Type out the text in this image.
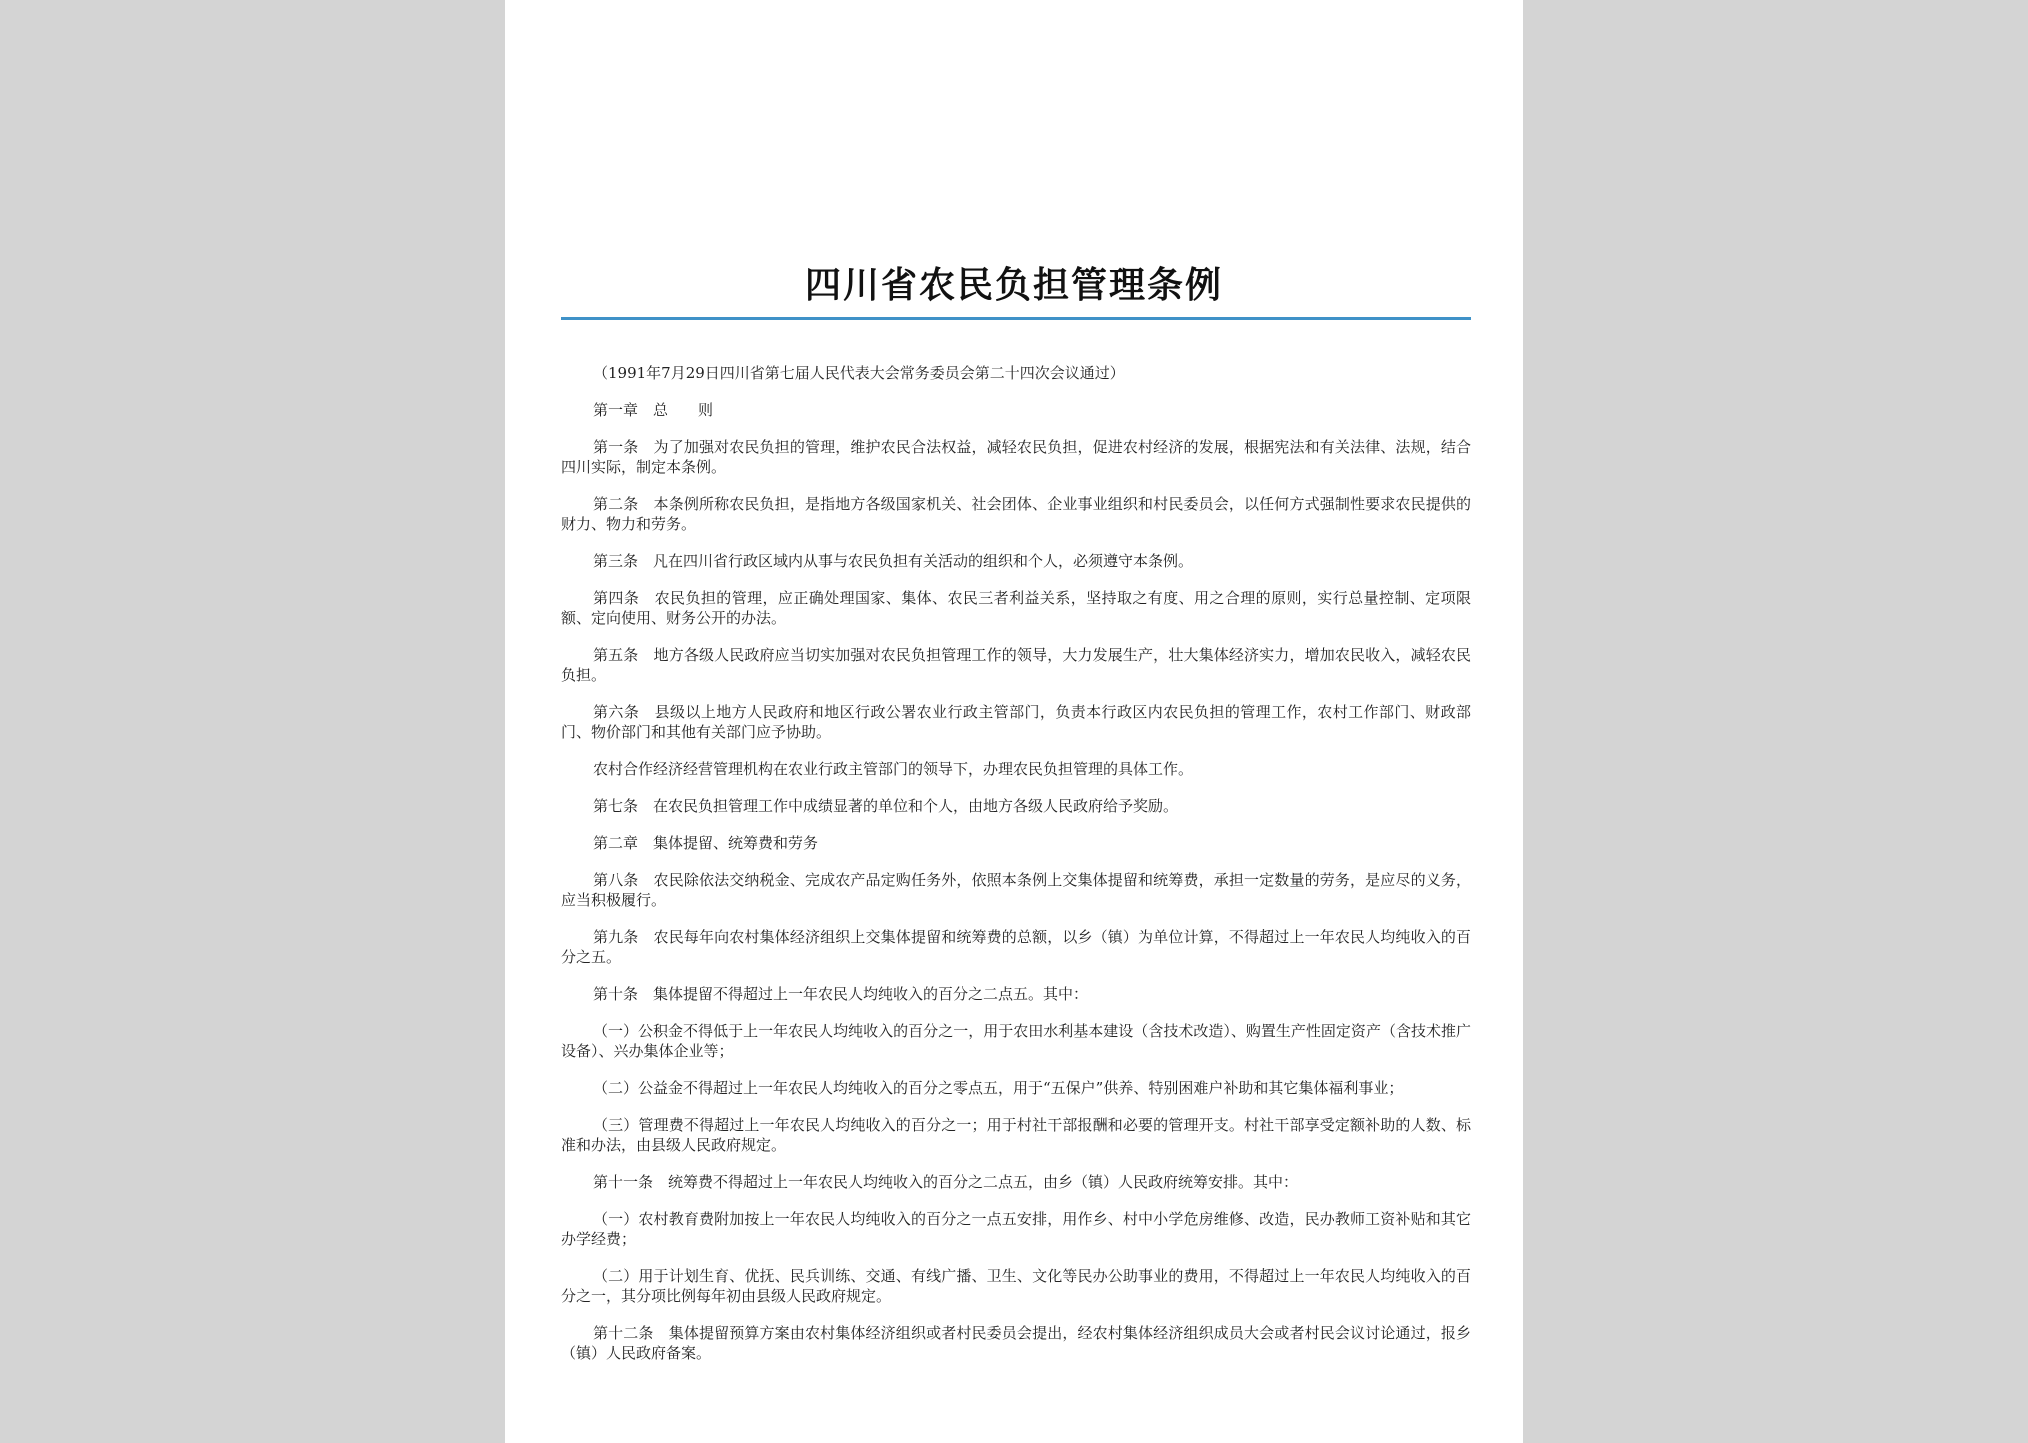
四川省农民负担管理条例

（1991年7月29日四川省第七届人民代表大会常务委员会第二十四次会议通过）

第一章　总　　则

第一条　为了加强对农民负担的管理，维护农民合法权益，减轻农民负担，促进农村经济的发展，根据宪法和有关法律、法规，结合四川实际，制定本条例。

第二条　本条例所称农民负担，是指地方各级国家机关、社会团体、企业事业组织和村民委员会，以任何方式强制性要求农民提供的财力、物力和劳务。

第三条　凡在四川省行政区域内从事与农民负担有关活动的组织和个人，必须遵守本条例。

第四条　农民负担的管理，应正确处理国家、集体、农民三者利益关系，坚持取之有度、用之合理的原则，实行总量控制、定项限额、定向使用、财务公开的办法。

第五条　地方各级人民政府应当切实加强对农民负担管理工作的领导，大力发展生产，壮大集体经济实力，增加农民收入，减轻农民负担。

第六条　县级以上地方人民政府和地区行政公署农业行政主管部门，负责本行政区内农民负担的管理工作，农村工作部门、财政部门、物价部门和其他有关部门应予协助。

农村合作经济经营管理机构在农业行政主管部门的领导下，办理农民负担管理的具体工作。

第七条　在农民负担管理工作中成绩显著的单位和个人，由地方各级人民政府给予奖励。

第二章　集体提留、统筹费和劳务

第八条　农民除依法交纳税金、完成农产品定购任务外，依照本条例上交集体提留和统筹费，承担一定数量的劳务，是应尽的义务，应当积极履行。

第九条　农民每年向农村集体经济组织上交集体提留和统筹费的总额，以乡（镇）为单位计算，不得超过上一年农民人均纯收入的百分之五。

第十条　集体提留不得超过上一年农民人均纯收入的百分之二点五。其中：

（一）公积金不得低于上一年农民人均纯收入的百分之一，用于农田水利基本建设（含技术改造）、购置生产性固定资产（含技术推广设备）、兴办集体企业等；

（二）公益金不得超过上一年农民人均纯收入的百分之零点五，用于“五保户”供养、特别困难户补助和其它集体福利事业；

（三）管理费不得超过上一年农民人均纯收入的百分之一；用于村社干部报酬和必要的管理开支。村社干部享受定额补助的人数、标准和办法，由县级人民政府规定。

第十一条　统筹费不得超过上一年农民人均纯收入的百分之二点五，由乡（镇）人民政府统筹安排。其中：

（一）农村教育费附加按上一年农民人均纯收入的百分之一点五安排，用作乡、村中小学危房维修、改造，民办教师工资补贴和其它办学经费；

（二）用于计划生育、优抚、民兵训练、交通、有线广播、卫生、文化等民办公助事业的费用，不得超过上一年农民人均纯收入的百分之一，其分项比例每年初由县级人民政府规定。

第十二条　集体提留预算方案由农村集体经济组织或者村民委员会提出，经农村集体经济组织成员大会或者村民会议讨论通过，报乡（镇）人民政府备案。
